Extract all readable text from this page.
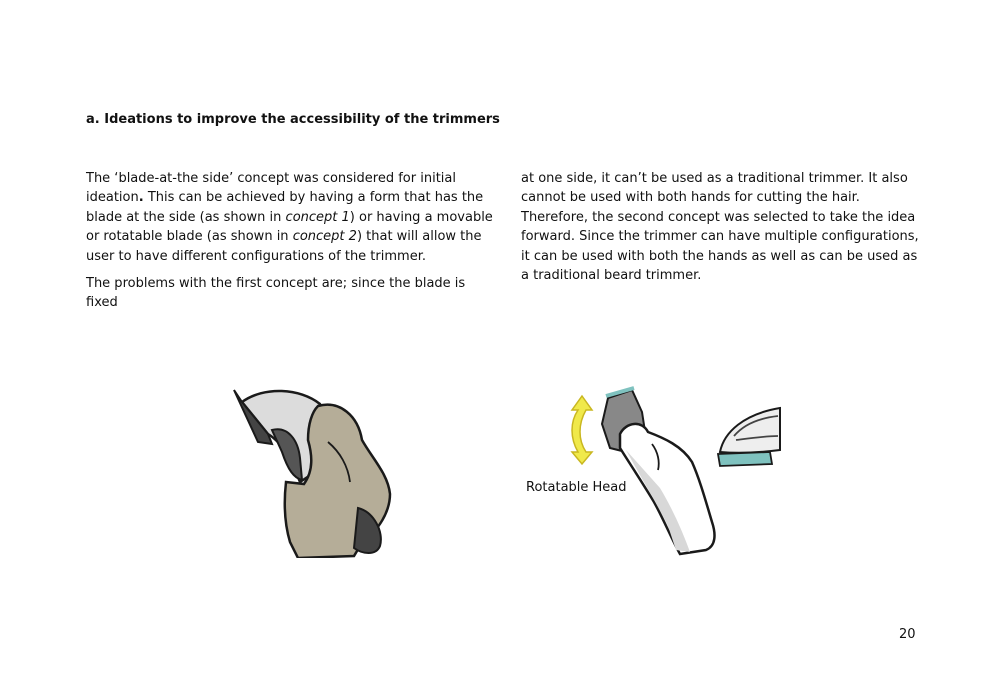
a. Ideations to improve the accessibility of the trimmers

The ‘blade-at-the side’ concept was considered for initial ideation. This can be achieved by having a form that has the blade at the side (as shown in concept 1) or having a movable or rotatable blade (as shown in concept 2) that will allow the user to have different configurations of the trimmer.

The problems with the first concept are; since the blade is fixed

at one side, it can’t be used as a traditional trimmer. It also cannot be used with both hands for cutting the hair. Therefore, the second concept was selected to take the idea forward. Since the trimmer can have multiple configurations, it can be used with both the hands as well as can be used as a traditional beard trimmer.

Rotatable Head
20
